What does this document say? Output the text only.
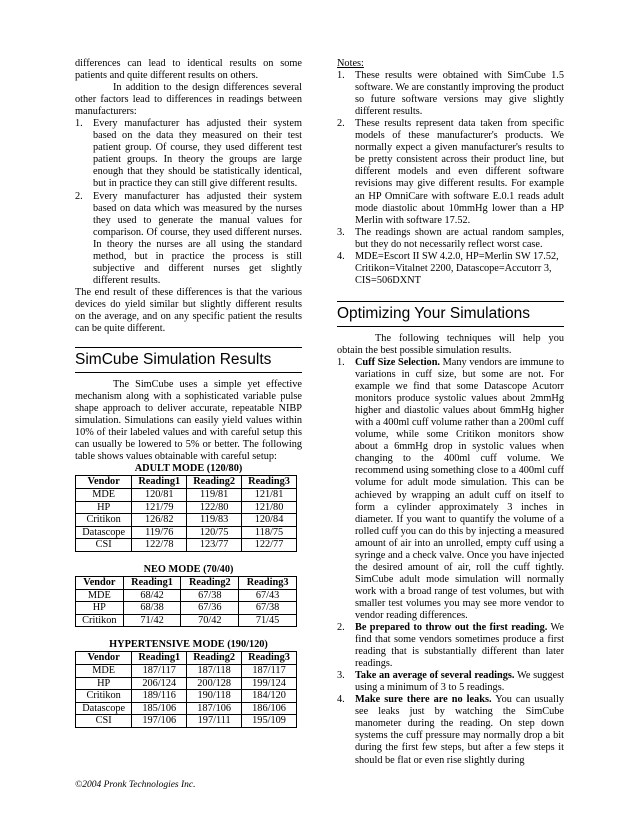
differences can lead to identical results on some patients and quite different results on others.

In addition to the design differences several other factors lead to differences in readings between manufacturers:

1. Every manufacturer has adjusted their system based on the data they measured on their test patient group. Of course, they used different test patient groups. In theory the groups are large enough that they should be statistically identical, but in practice they can still give different results.
2. Every manufacturer has adjusted their system based on data which was measured by the nurses they used to generate the manual values for comparison. Of course, they used different nurses. In theory the nurses are all using the standard method, but in practice the process is still subjective and different nurses get slightly different results.

The end result of these differences is that the various devices do yield similar but slightly different results on the average, and on any specific patient the results can be quite different.

SimCube Simulation Results

The SimCube uses a simple yet effective mechanism along with a sophisticated variable pulse shape approach to deliver accurate, repeatable NIBP simulation. Simulations can easily yield values within 10% of their labeled values and with careful setup this can usually be lowered to 5% or better. The following table shows values obtainable with careful setup:

ADULT MODE (120/80)

Vendor	Reading1	Reading2	Reading3
MDE	120/81	119/81	121/81
HP	121/79	122/80	121/80
Critikon	126/82	119/83	120/84
Datascope	119/76	120/75	118/75
CSI	122/78	123/77	122/77

NEO MODE (70/40)

Vendor	Reading1	Reading2	Reading3
MDE	68/42	67/38	67/43
HP	68/38	67/36	67/38
Critikon	71/42	70/42	71/45

HYPERTENSIVE MODE (190/120)

Vendor	Reading1	Reading2	Reading3
MDE	187/117	187/118	187/117
HP	206/124	200/128	199/124
Critikon	189/116	190/118	184/120
Datascope	185/106	187/106	186/106
CSI	197/106	197/111	195/109

Notes:

1. These results were obtained with SimCube 1.5 software. We are constantly improving the product so future software versions may give slightly different results.
2. These results represent data taken from specific models of these manufacturer's products. We normally expect a given manufacturer's results to be pretty consistent across their product line, but different models and even different software revisions may give different results. For example an HP OmniCare with software E.0.1 reads adult mode diastolic about 10mmHg lower than a HP Merlin with software 17.52.
3. The readings shown are actual random samples, but they do not necessarily reflect worst case.
4. MDE=Escort II SW 4.2.0, HP=Merlin SW 17.52, Critikon=Vitalnet 2200, Datascope=Accutorr 3, CIS=506DXNT
Optimizing Your Simulations

The following techniques will help you obtain the best possible simulation results.

1. Cuff Size Selection. Many vendors are immune to variations in cuff size, but some are not. For example we find that some Datascope Acutorr monitors produce systolic values about 2mmHg higher and diastolic values about 6mmHg higher with a 400ml cuff volume rather than a 200ml cuff volume, while some Critikon monitors show about a 6mmHg drop in systolic values when changing to the 400ml cuff volume. We recommend using something close to a 400ml cuff volume for adult mode simulation. This can be achieved by wrapping an adult cuff on itself to form a cylinder approximately 3 inches in diameter. If you want to quantify the volume of a rolled cuff you can do this by injecting a measured amount of air into an unrolled, empty cuff using a syringe and a check valve. Once you have injected the desired amount of air, roll the cuff tightly. SimCube adult mode simulation will normally work with a broad range of test volumes, but with smaller test volumes you may see more vendor to vendor reading differences.
2. Be prepared to throw out the first reading. We find that some vendors sometimes produce a first reading that is substantially different than later readings.
3. Take an average of several readings. We suggest using a minimum of 3 to 5 readings.
4. Make sure there are no leaks. You can usually see leaks just by watching the SimCube manometer during the reading. On step down systems the cuff pressure may normally drop a bit during the first few steps, but after a few steps it should be flat or even rise slightly during
©2004 Pronk Technologies Inc.
